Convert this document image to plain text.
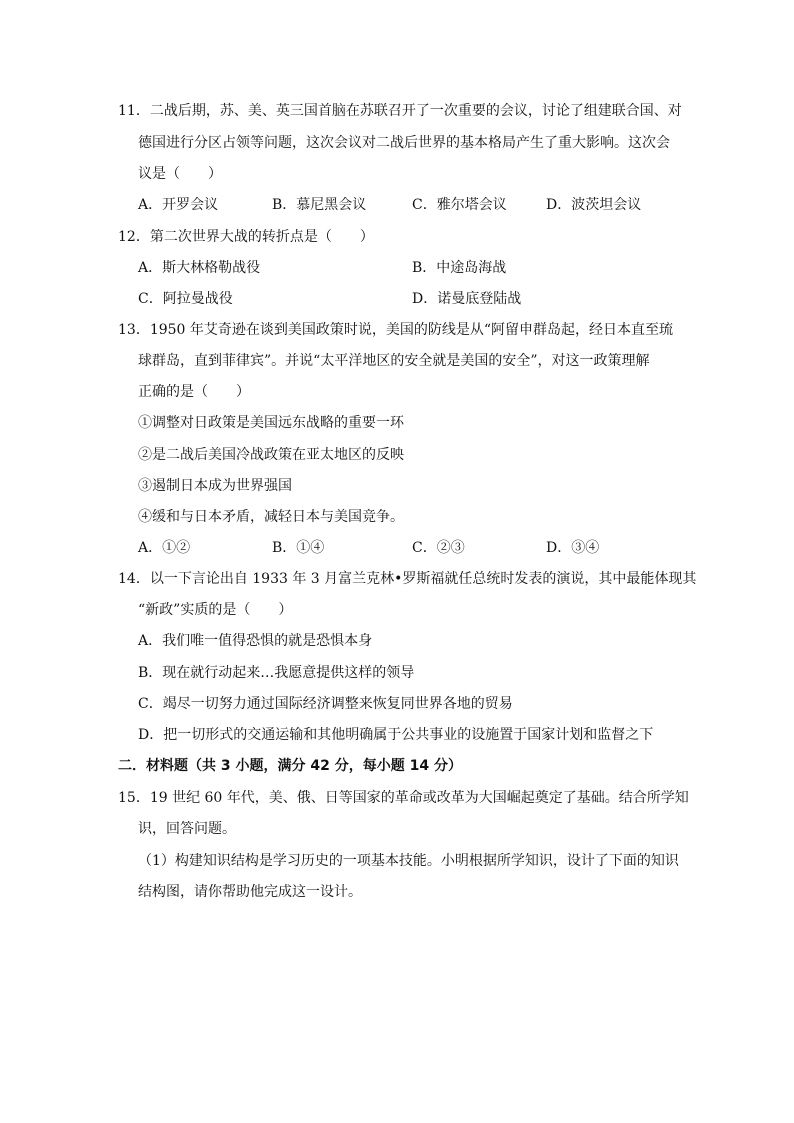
11．二战后期，苏、美、英三国首脑在苏联召开了一次重要的会议，讨论了组建联合国、对
德国进行分区占领等问题，这次会议对二战后世界的基本格局产生了重大影响。这次会
议是（　　）
A．开罗会议	B．慕尼黑会议	C．雅尔塔会议	D．波茨坦会议
12．第二次世界大战的转折点是（　　）
A．斯大林格勒战役	B．中途岛海战
C．阿拉曼战役	D．诺曼底登陆战
13．1950 年艾奇逊在谈到美国政策时说，美国的防线是从“阿留申群岛起，经日本直至琉
球群岛，直到菲律宾”。并说“太平洋地区的安全就是美国的安全”，对这一政策理解
正确的是（　　）
①调整对日政策是美国远东战略的重要一环
②是二战后美国冷战政策在亚太地区的反映
③遏制日本成为世界强国
④缓和与日本矛盾，减轻日本与美国竞争。
A．①②	B．①④	C．②③	D．③④
14．以一下言论出自 1933 年 3 月富兰克林•罗斯福就任总统时发表的演说，其中最能体现其
“新政”实质的是（　　）
A．我们唯一值得恐惧的就是恐惧本身
B．现在就行动起来…我愿意提供这样的领导
C．竭尽一切努力通过国际经济调整来恢复同世界各地的贸易
D．把一切形式的交通运输和其他明确属于公共事业的设施置于国家计划和监督之下
二．材料题（共 3 小题，满分 42 分，每小题 14 分）
15．19 世纪 60 年代，美、俄、日等国家的革命或改革为大国崛起奠定了基础。结合所学知
识，回答问题。
（1）构建知识结构是学习历史的一项基本技能。小明根据所学知识，设计了下面的知识
结构图，请你帮助他完成这一设计。
